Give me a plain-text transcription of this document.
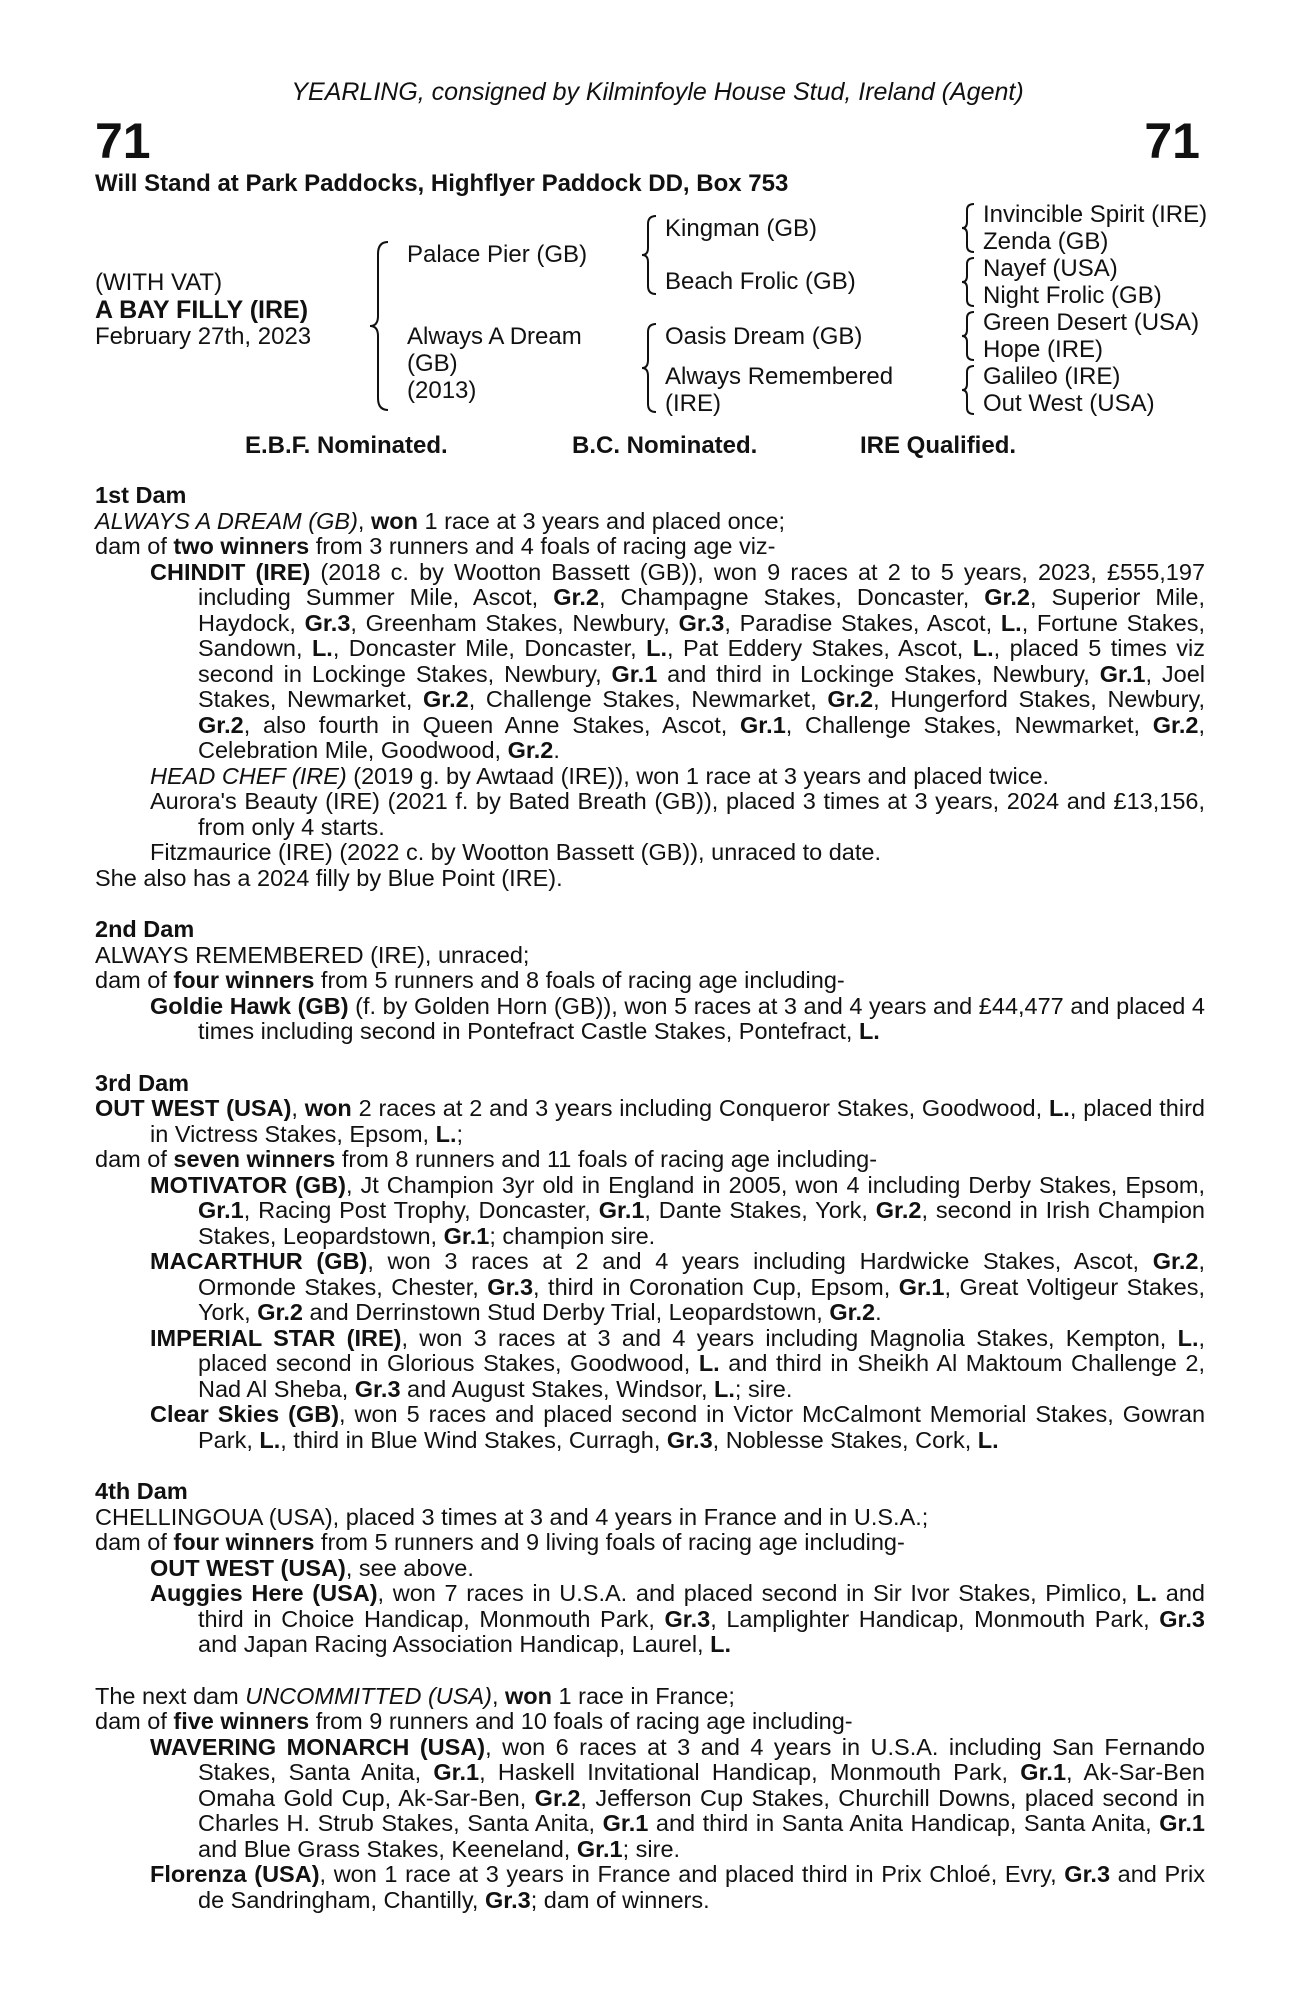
YEARLING, consigned by Kilminfoyle House Stud, Ireland (Agent)
71	71
Will Stand at Park Paddocks, Highflyer Paddock DD, Box 753
(WITH VAT)
A BAY FILLY (IRE)
February 27th, 2023
Palace Pier (GB)
Always A Dream
(GB)
(2013)
Kingman (GB)
Beach Frolic (GB)
Oasis Dream (GB)
Always Remembered
(IRE)
Invincible Spirit (IRE)
Zenda (GB)
Nayef (USA)
Night Frolic (GB)
Green Desert (USA)
Hope (IRE)
Galileo (IRE)
Out West (USA)
E.B.F. Nominated.	B.C. Nominated.	IRE Qualified.

1st Dam

ALWAYS A DREAM (GB), won 1 race at 3 years and placed once;

dam of two winners from 3 runners and 4 foals of racing age viz-

CHINDIT (IRE) (2018 c. by Wootton Bassett (GB)), won 9 races at 2 to 5 years, 2023, £555,197 including Summer Mile, Ascot, Gr.2, Champagne Stakes, Doncaster, Gr.2, Superior Mile, Haydock, Gr.3, Greenham Stakes, Newbury, Gr.3, Paradise Stakes, Ascot, L., Fortune Stakes, Sandown, L., Doncaster Mile, Doncaster, L., Pat Eddery Stakes, Ascot, L., placed 5 times viz second in Lockinge Stakes, Newbury, Gr.1 and third in Lockinge Stakes, Newbury, Gr.1, Joel Stakes, Newmarket, Gr.2, Challenge Stakes, Newmarket, Gr.2, Hungerford Stakes, Newbury, Gr.2, also fourth in Queen Anne Stakes, Ascot, Gr.1, Challenge Stakes, Newmarket, Gr.2, Celebration Mile, Goodwood, Gr.2.

HEAD CHEF (IRE) (2019 g. by Awtaad (IRE)), won 1 race at 3 years and placed twice.

Aurora's Beauty (IRE) (2021 f. by Bated Breath (GB)), placed 3 times at 3 years, 2024 and £13,156, from only 4 starts.

Fitzmaurice (IRE) (2022 c. by Wootton Bassett (GB)), unraced to date.

She also has a 2024 filly by Blue Point (IRE).

2nd Dam

ALWAYS REMEMBERED (IRE), unraced;

dam of four winners from 5 runners and 8 foals of racing age including-

Goldie Hawk (GB) (f. by Golden Horn (GB)), won 5 races at 3 and 4 years and £44,477 and placed 4 times including second in Pontefract Castle Stakes, Pontefract, L.

3rd Dam

OUT WEST (USA), won 2 races at 2 and 3 years including Conqueror Stakes, Goodwood, L., placed third in Victress Stakes, Epsom, L.;

dam of seven winners from 8 runners and 11 foals of racing age including-

MOTIVATOR (GB), Jt Champion 3yr old in England in 2005, won 4 including Derby Stakes, Epsom, Gr.1, Racing Post Trophy, Doncaster, Gr.1, Dante Stakes, York, Gr.2, second in Irish Champion Stakes, Leopardstown, Gr.1; champion sire.

MACARTHUR (GB), won 3 races at 2 and 4 years including Hardwicke Stakes, Ascot, Gr.2, Ormonde Stakes, Chester, Gr.3, third in Coronation Cup, Epsom, Gr.1, Great Voltigeur Stakes, York, Gr.2 and Derrinstown Stud Derby Trial, Leopardstown, Gr.2.

IMPERIAL STAR (IRE), won 3 races at 3 and 4 years including Magnolia Stakes, Kempton, L., placed second in Glorious Stakes, Goodwood, L. and third in Sheikh Al Maktoum Challenge 2, Nad Al Sheba, Gr.3 and August Stakes, Windsor, L.; sire.

Clear Skies (GB), won 5 races and placed second in Victor McCalmont Memorial Stakes, Gowran Park, L., third in Blue Wind Stakes, Curragh, Gr.3, Noblesse Stakes, Cork, L.

4th Dam

CHELLINGOUA (USA), placed 3 times at 3 and 4 years in France and in U.S.A.;

dam of four winners from 5 runners and 9 living foals of racing age including-

OUT WEST (USA), see above.

Auggies Here (USA), won 7 races in U.S.A. and placed second in Sir Ivor Stakes, Pimlico, L. and third in Choice Handicap, Monmouth Park, Gr.3, Lamplighter Handicap, Monmouth Park, Gr.3 and Japan Racing Association Handicap, Laurel, L.

The next dam UNCOMMITTED (USA), won 1 race in France;

dam of five winners from 9 runners and 10 foals of racing age including-

WAVERING MONARCH (USA), won 6 races at 3 and 4 years in U.S.A. including San Fernando Stakes, Santa Anita, Gr.1, Haskell Invitational Handicap, Monmouth Park, Gr.1, Ak-Sar-Ben Omaha Gold Cup, Ak-Sar-Ben, Gr.2, Jefferson Cup Stakes, Churchill Downs, placed second in Charles H. Strub Stakes, Santa Anita, Gr.1 and third in Santa Anita Handicap, Santa Anita, Gr.1 and Blue Grass Stakes, Keeneland, Gr.1; sire.

Florenza (USA), won 1 race at 3 years in France and placed third in Prix Chloé, Evry, Gr.3 and Prix de Sandringham, Chantilly, Gr.3; dam of winners.
